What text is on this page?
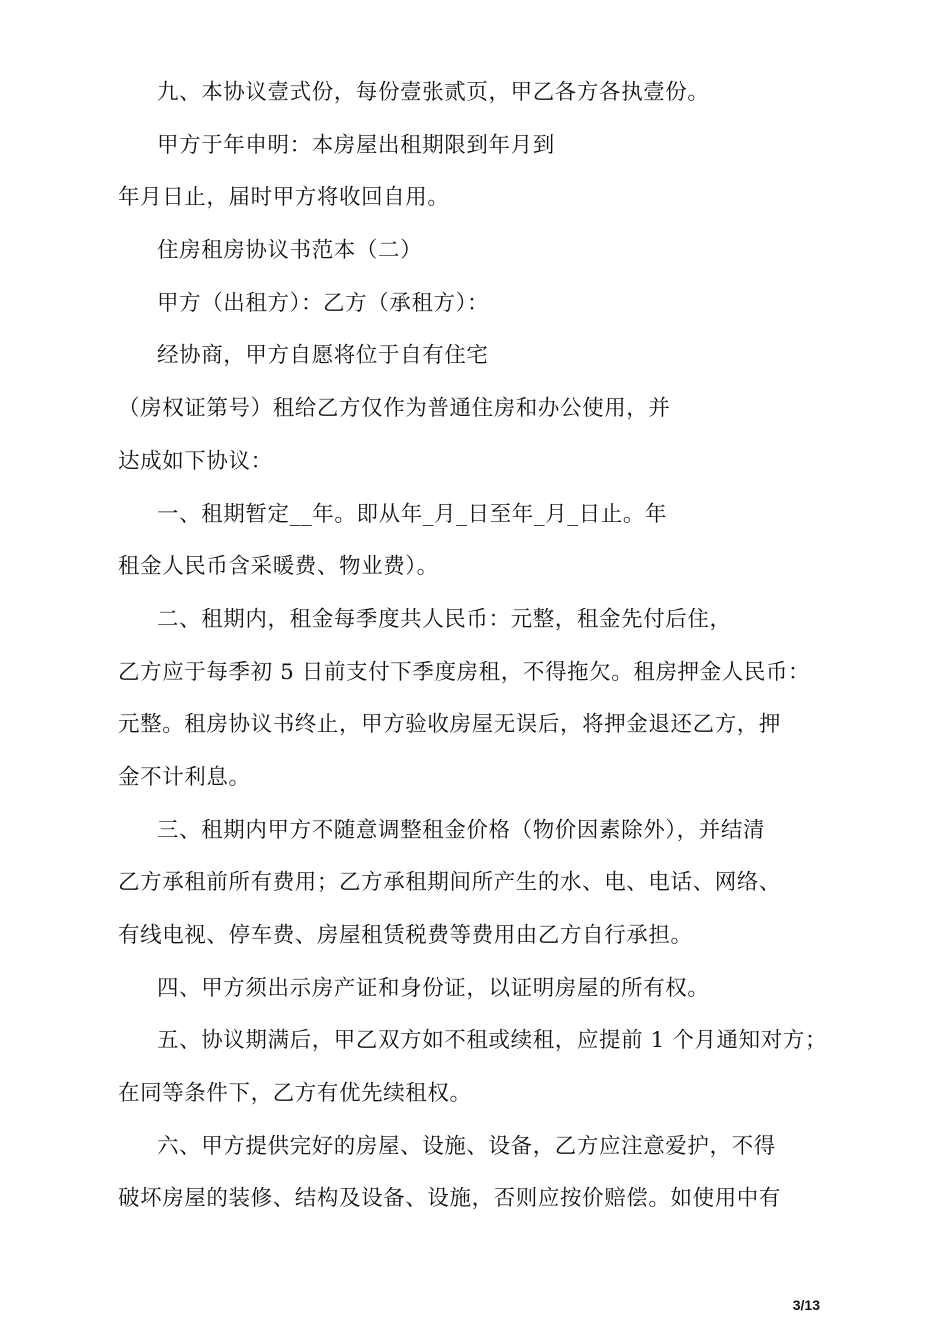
九、本协议壹式份，每份壹张贰页，甲乙各方各执壹份。
甲方于年申明：本房屋出租期限到年月到
年月日止，届时甲方将收回自用。
住房租房协议书范本（二）
甲方（出租方）：乙方（承租方）：
经协商，甲方自愿将位于自有住宅
（房权证第号）租给乙方仅作为普通住房和办公使用，并
达成如下协议：
一、租期暂定__年。即从年_月_日至年_月_日止。年
租金人民币含采暖费、物业费）。
二、租期内，租金每季度共人民币：元整，租金先付后住，
乙方应于每季初 5 日前支付下季度房租，不得拖欠。租房押金人民币：
元整。租房协议书终止，甲方验收房屋无误后，将押金退还乙方，押
金不计利息。
三、租期内甲方不随意调整租金价格（物价因素除外），并结清
乙方承租前所有费用；乙方承租期间所产生的水、电、电话、网络、
有线电视、停车费、房屋租赁税费等费用由乙方自行承担。
四、甲方须出示房产证和身份证，以证明房屋的所有权。
五、协议期满后，甲乙双方如不租或续租，应提前 1 个月通知对方；
在同等条件下，乙方有优先续租权。
六、甲方提供完好的房屋、设施、设备，乙方应注意爱护，不得
破坏房屋的装修、结构及设备、设施，否则应按价赔偿。如使用中有
3/13
